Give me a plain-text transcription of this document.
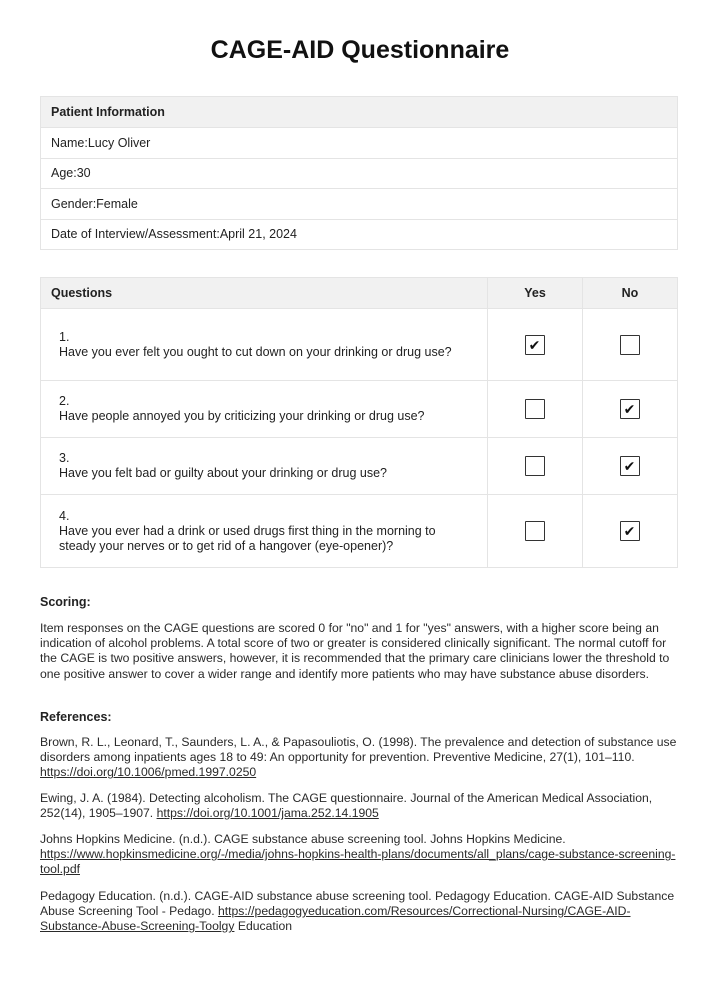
CAGE-AID Questionnaire
Patient Information
Name:Lucy Oliver
Age:30
Gender:Female
Date of Interview/Assessment:April 21, 2024
Questions	Yes	No
1.Have you ever felt you ought to cut down on your drinking or drug use?	✔	

2.Have people annoyed you by criticizing your drinking or drug use?		✔

3.Have you felt bad or guilty about your drinking or drug use?		✔

4.Have you ever had a drink or used drugs first thing in the morning to steady your nerves or to get rid of a hangover (eye-opener)?		✔
Scoring:
Item responses on the CAGE questions are scored 0 for "no" and 1 for "yes" answers, with a higher score being an indication of alcohol problems. A total score of two or greater is considered clinically significant. The normal cutoff for the CAGE is two positive answers, however, it is recommended that the primary care clinicians lower the threshold to one positive answer to cover a wider range and identify more patients who may have substance abuse disorders.
References:
Brown, R. L., Leonard, T., Saunders, L. A., & Papasouliotis, O. (1998). The prevalence and detection of substance use disorders among inpatients ages 18 to 49: An opportunity for prevention. Preventive Medicine, 27(1), 101–110. https://doi.org/10.1006/pmed.1997.0250
Ewing, J. A. (1984). Detecting alcoholism. The CAGE questionnaire. Journal of the American Medical Association, 252(14), 1905–1907. https://doi.org/10.1001/jama.252.14.1905
Johns Hopkins Medicine. (n.d.). CAGE substance abuse screening tool. Johns Hopkins Medicine. https://www.hopkinsmedicine.org/-/media/johns-hopkins-health-plans/documents/all_plans/cage-substance-screening-tool.pdf
Pedagogy Education. (n.d.). CAGE-AID substance abuse screening tool. Pedagogy Education. CAGE-AID Substance Abuse Screening Tool - Pedago. https://pedagogyeducation.com/Resources/Correctional-Nursing/CAGE-AID-Substance-Abuse-Screening-Toolgy Education
